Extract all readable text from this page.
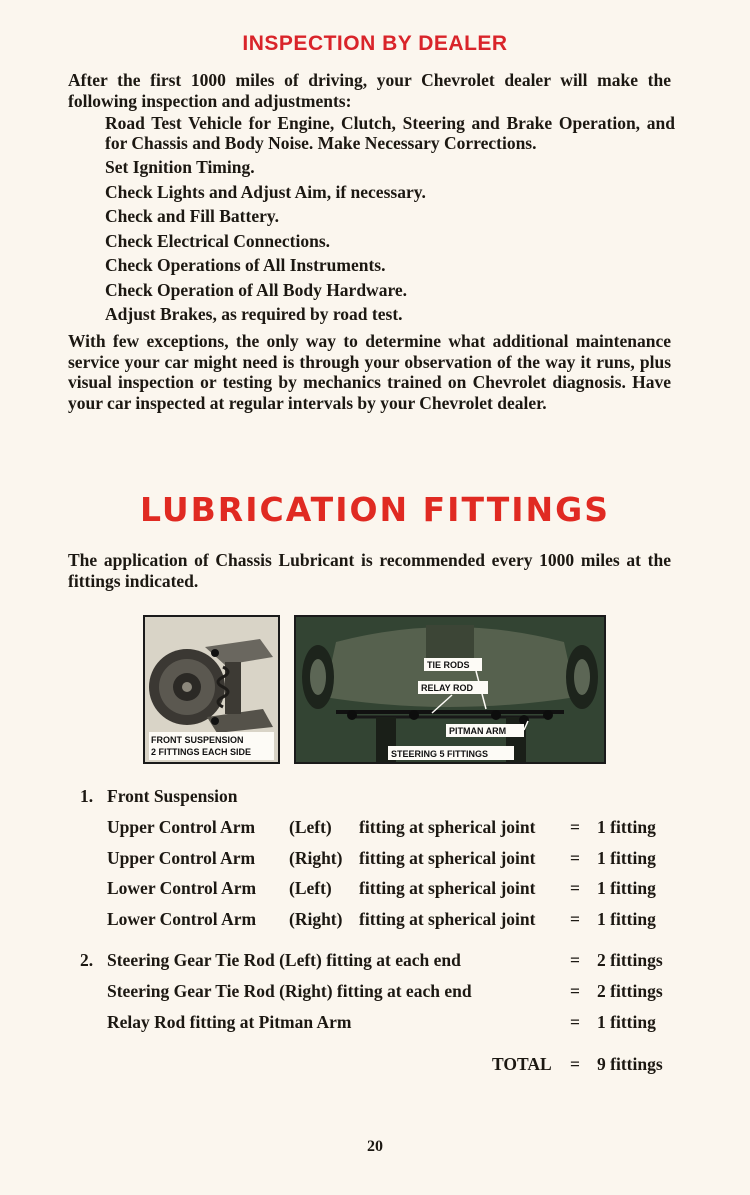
INSPECTION BY DEALER
After the first 1000 miles of driving, your Chevrolet dealer will make the following inspection and adjustments:
Road Test Vehicle for Engine, Clutch, Steering and Brake Operation, and for Chassis and Body Noise. Make Necessary Corrections.
Set Ignition Timing.
Check Lights and Adjust Aim, if necessary.
Check and Fill Battery.
Check Electrical Connections.
Check Operations of All Instruments.
Check Operation of All Body Hardware.
Adjust Brakes, as required by road test.
With few exceptions, the only way to determine what additional maintenance service your car might need is through your observation of the way it runs, plus visual inspection or testing by mechanics trained on Chevrolet diagnosis. Have your car inspected at regular intervals by your Chevrolet dealer.
LUBRICATION FITTINGS
The application of Chassis Lubricant is recommended every 1000 miles at the fittings indicated.
FRONT SUSPENSION
2 FITTINGS EACH SIDE
TIE RODS
RELAY ROD
PITMAN ARM
STEERING 5 FITTINGS
1. Front Suspension
Upper Control Arm (Left) fitting at spherical joint = 1 fitting
Upper Control Arm (Right) fitting at spherical joint = 1 fitting
Lower Control Arm (Left) fitting at spherical joint = 1 fitting
Lower Control Arm (Right) fitting at spherical joint = 1 fitting
2. Steering Gear Tie Rod (Left) fitting at each end	= 2 fittings
Steering Gear Tie Rod (Right) fitting at each end	= 2 fittings
Relay Rod fitting at Pitman Arm	= 1 fitting
TOTAL = 9 fittings
20
